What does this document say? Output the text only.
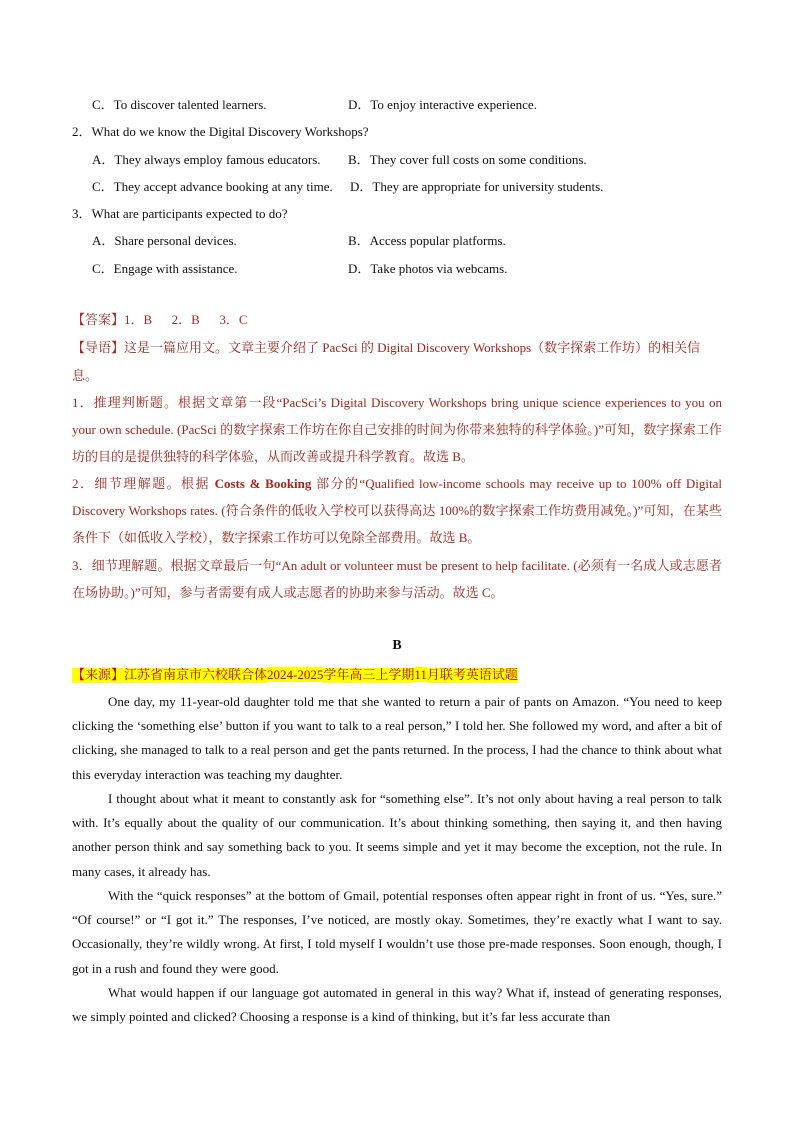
C．To discover talented learners.	D．To enjoy interactive experience.
2．What do we know the Digital Discovery Workshops?
A．They always employ famous educators. B．They cover full costs on some conditions.
C．They accept advance booking at any time. D．They are appropriate for university students.
3．What are participants expected to do?
A．Share personal devices.	B．Access popular platforms.
C．Engage with assistance.	D．Take photos via webcams.
【答案】1．B      2．B      3．C
【导语】这是一篇应用文。文章主要介绍了 PacSci 的 Digital Discovery Workshops（数字探索工作坊）的相关信息。
1．推理判断题。根据文章第一段“PacSci’s Digital Discovery Workshops bring unique science experiences to you on your own schedule. (PacSci 的数字探索工作坊在你自己安排的时间为你带来独特的科学体验。)”可知，数字探索工作坊的目的是提供独特的科学体验，从而改善或提升科学教育。故选 B。
2．细节理解题。根据 Costs & Booking 部分的“Qualified low-income schools may receive up to 100% off Digital Discovery Workshops rates. (符合条件的低收入学校可以获得高达 100%的数字探索工作坊费用减免。)”可知，在某些条件下（如低收入学校），数字探索工作坊可以免除全部费用。故选 B。
3．细节理解题。根据文章最后一句“An adult or volunteer must be present to help facilitate. (必须有一名成人或志愿者在场协助。)”可知，参与者需要有成人或志愿者的协助来参与活动。故选 C。
B
【来源】江苏省南京市六校联合体2024-2025学年高三上学期11月联考英语试题
One day, my 11-year-old daughter told me that she wanted to return a pair of pants on Amazon. “You need to keep clicking the ‘something else’ button if you want to talk to a real person,” I told her. She followed my word, and after a bit of clicking, she managed to talk to a real person and get the pants returned. In the process, I had the chance to think about what this everyday interaction was teaching my daughter.
I thought about what it meant to constantly ask for “something else”. It’s not only about having a real person to talk with. It’s equally about the quality of our communication. It’s about thinking something, then saying it, and then having another person think and say something back to you. It seems simple and yet it may become the exception, not the rule. In many cases, it already has.
With the “quick responses” at the bottom of Gmail, potential responses often appear right in front of us. “Yes, sure.” “Of course!” or “I got it.” The responses, I’ve noticed, are mostly okay. Sometimes, they’re exactly what I want to say. Occasionally, they’re wildly wrong. At first, I told myself I wouldn’t use those pre-made responses. Soon enough, though, I got in a rush and found they were good.
What would happen if our language got automated in general in this way? What if, instead of generating responses, we simply pointed and clicked? Choosing a response is a kind of thinking, but it’s far less accurate than
